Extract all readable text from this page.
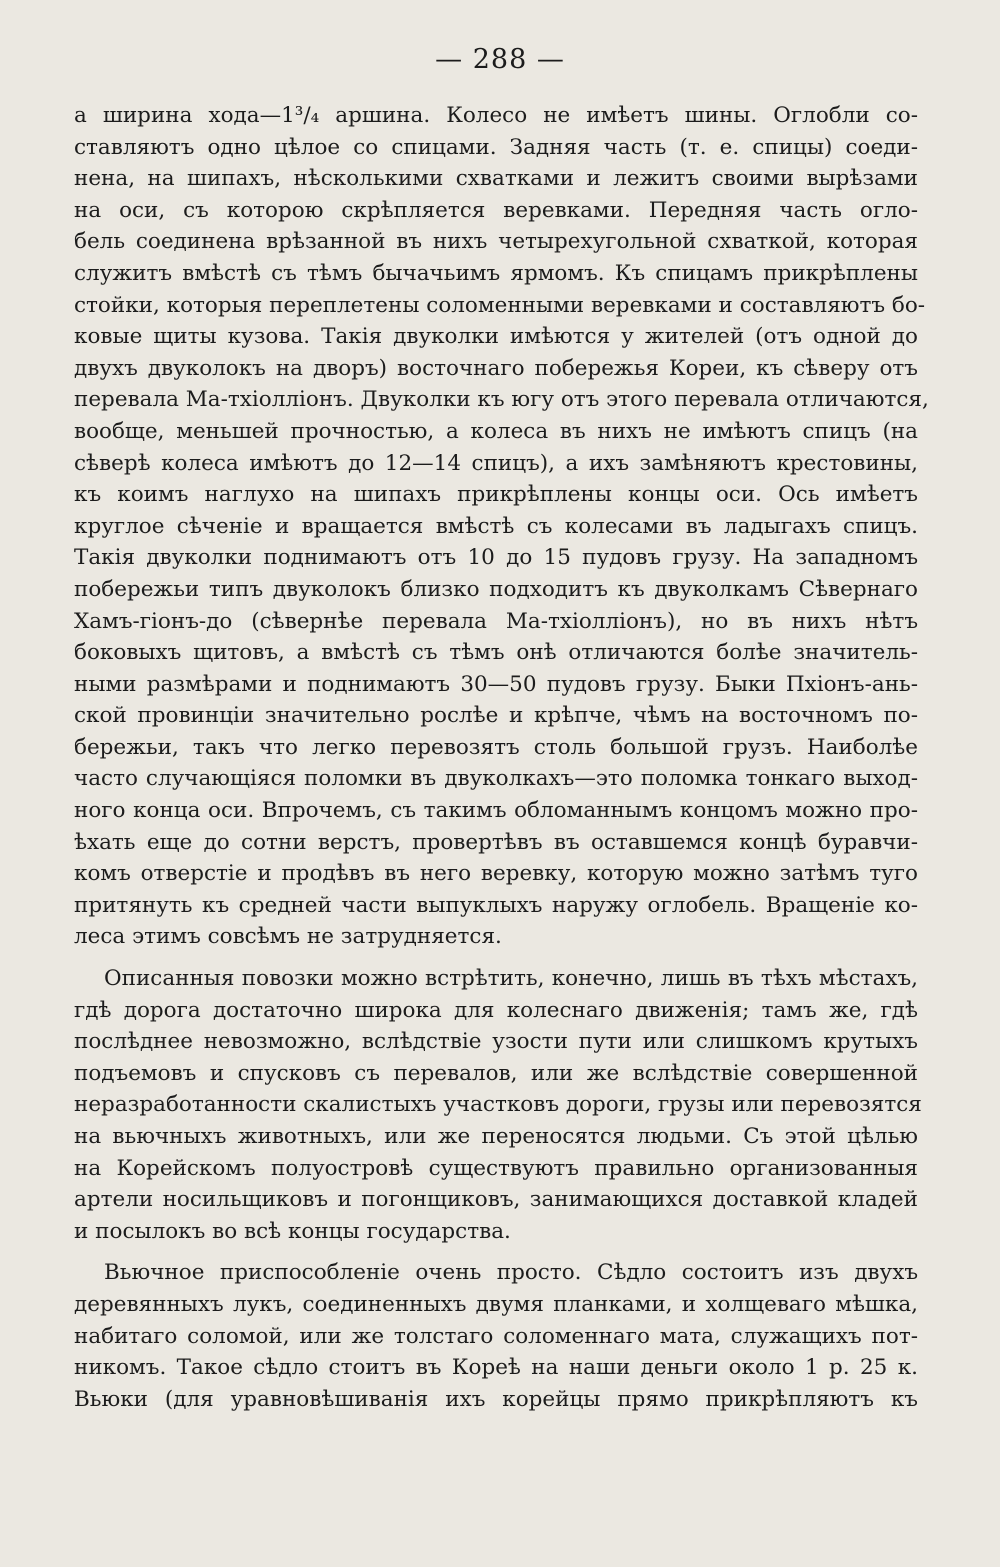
— 288 —
а ширина хода—1³/₄ аршина. Колесо не имѣетъ шины. Оглобли со-
ставляютъ одно цѣлое со спицами. Задняя часть (т. е. спицы) соеди-
нена, на шипахъ, нѣсколькими схватками и лежитъ своими вырѣзами
на оси, съ которою скрѣпляется веревками. Передняя часть огло-
бель соединена врѣзанной въ нихъ четырехугольной схваткой, которая
служитъ вмѣстѣ съ тѣмъ бычачьимъ ярмомъ. Къ спицамъ прикрѣплены
стойки, которыя переплетены соломенными веревками и составляютъ бо-
ковые щиты кузова. Такія двуколки имѣются у жителей (отъ одной до
двухъ двуколокъ на дворъ) восточнаго побережья Кореи, къ сѣверу отъ
перевала Ма-тхіолліонъ. Двуколки къ югу отъ этого перевала отличаются,
вообще, меньшей прочностью, а колеса въ нихъ не имѣютъ спицъ (на
сѣверѣ колеса имѣютъ до 12—14 спицъ), а ихъ замѣняютъ крестовины,
къ коимъ наглухо на шипахъ прикрѣплены концы оси. Ось имѣетъ
круглое сѣченіе и вращается вмѣстѣ съ колесами въ ладыгахъ спицъ.
Такія двуколки поднимаютъ отъ 10 до 15 пудовъ грузу. На западномъ
побережьи типъ двуколокъ близко подходитъ къ двуколкамъ Сѣвернаго
Хамъ-гіонъ-до (сѣвернѣе перевала Ма-тхіолліонъ), но въ нихъ нѣтъ
боковыхъ щитовъ, а вмѣстѣ съ тѣмъ онѣ отличаются болѣе значитель-
ными размѣрами и поднимаютъ 30—50 пудовъ грузу. Быки Пхіонъ-ань-
ской провинціи значительно рослѣе и крѣпче, чѣмъ на восточномъ по-
бережьи, такъ что легко перевозятъ столь большой грузъ. Наиболѣе
часто случающіяся поломки въ двуколкахъ—это поломка тонкаго выход-
ного конца оси. Впрочемъ, съ такимъ обломаннымъ концомъ можно про-
ѣхать еще до сотни верстъ, провертѣвъ въ оставшемся концѣ буравчи-
комъ отверстіе и продѣвъ въ него веревку, которую можно затѣмъ туго
притянуть къ средней части выпуклыхъ наружу оглобель. Вращеніе ко-
леса этимъ совсѣмъ не затрудняется.
Описанныя повозки можно встрѣтить, конечно, лишь въ тѣхъ мѣстахъ,
гдѣ дорога достаточно широка для колеснаго движенія; тамъ же, гдѣ
послѣднее невозможно, вслѣдствіе узости пути или слишкомъ крутыхъ
подъемовъ и спусковъ съ перевалов, или же вслѣдствіе совершенной
неразработанности скалистыхъ участковъ дороги, грузы или перевозятся
на вьючныхъ животныхъ, или же переносятся людьми. Съ этой цѣлью
на Корейскомъ полуостровѣ существуютъ правильно организованныя
артели носильщиковъ и погонщиковъ, занимающихся доставкой кладей
и посылокъ во всѣ концы государства.
Вьючное приспособленіе очень просто. Сѣдло состоитъ изъ двухъ
деревянныхъ лукъ, соединенныхъ двумя планками, и холщеваго мѣшка,
набитаго соломой, или же толстаго соломеннаго мата, служащихъ пот-
никомъ. Такое сѣдло стоитъ въ Кореѣ на наши деньги около 1 р. 25 к.
Вьюки (для уравновѣшиванія ихъ корейцы прямо прикрѣпляютъ къ
